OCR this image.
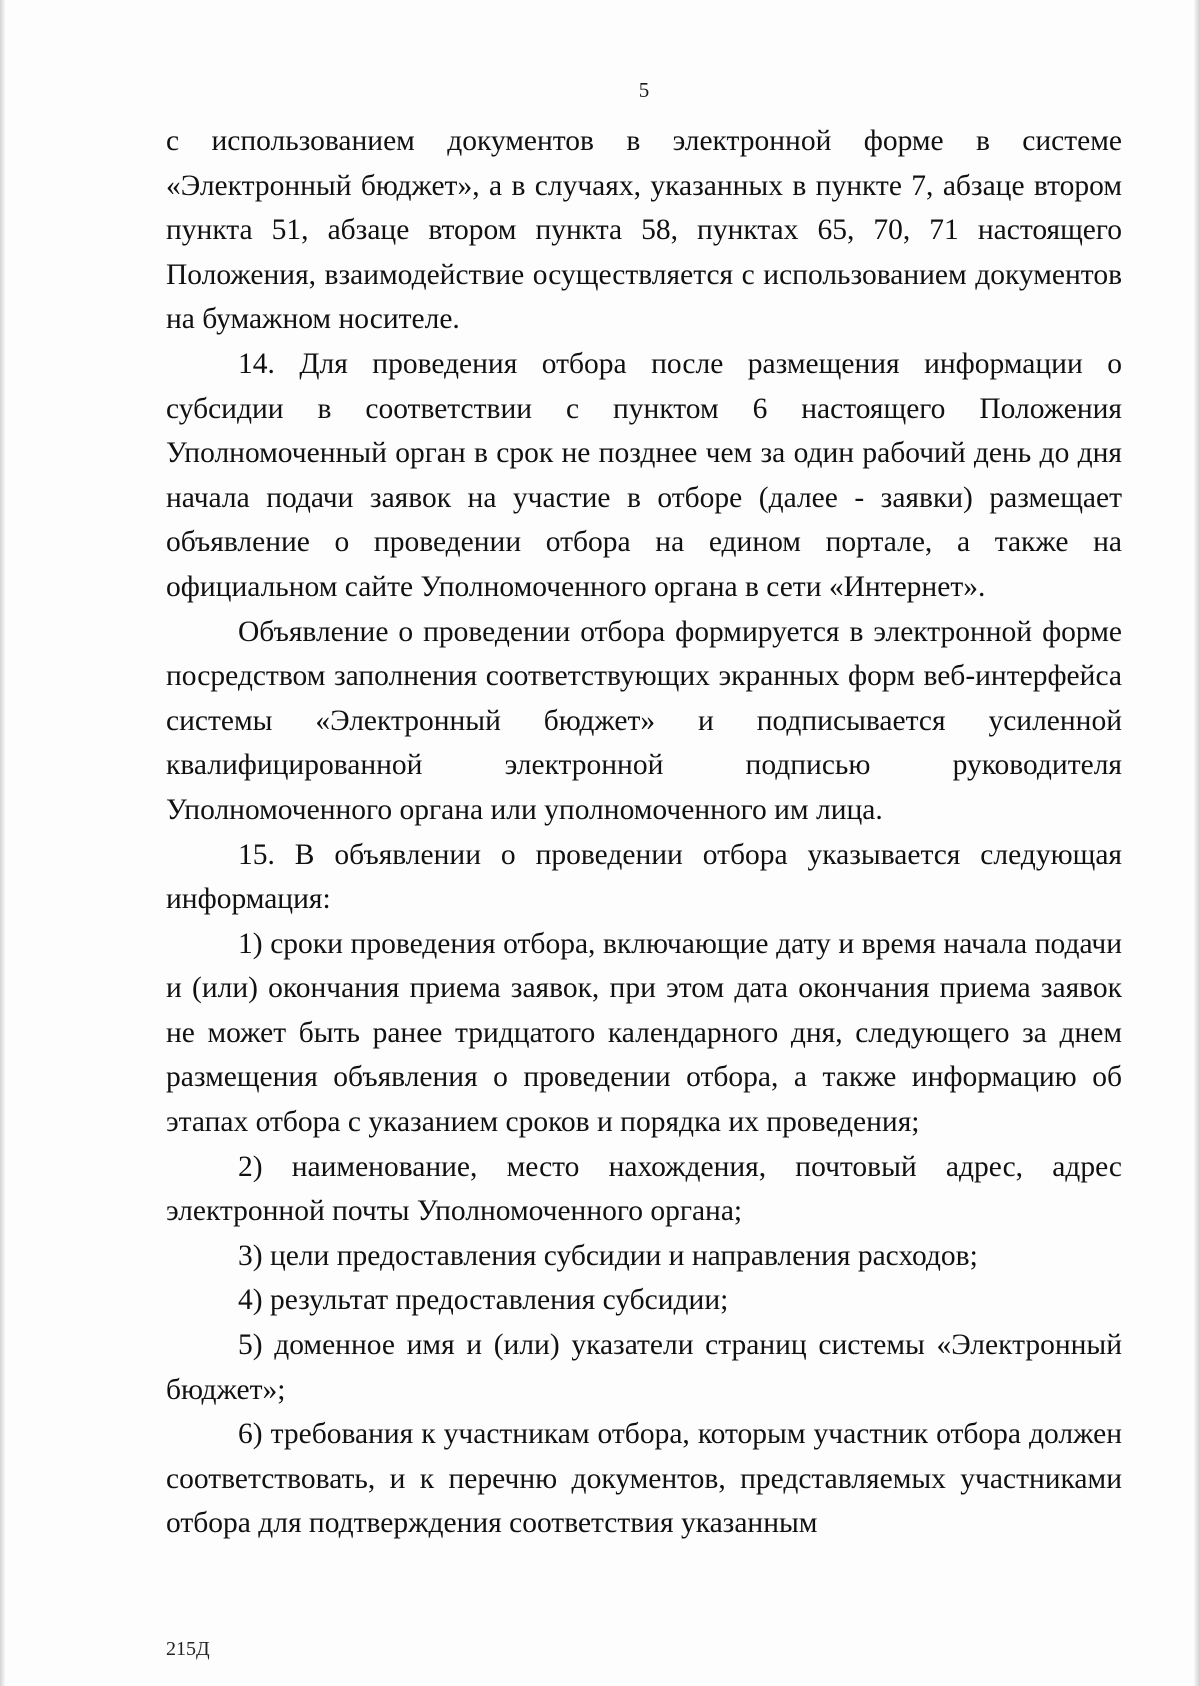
5

с использованием документов в электронной форме в системе «Электронный бюджет», а в случаях, указанных в пункте 7, абзаце втором пункта 51, абзаце втором пункта 58, пунктах 65, 70, 71 настоящего Положения, взаимодействие осуществляется с использованием документов на бумажном носителе.

14. Для проведения отбора после размещения информации о субсидии в соответствии с пунктом 6 настоящего Положения Уполномоченный орган в срок не позднее чем за один рабочий день до дня начала подачи заявок на участие в отборе (далее - заявки) размещает объявление о проведении отбора на едином портале, а также на официальном сайте Уполномоченного органа в сети «Интернет».

Объявление о проведении отбора формируется в электронной форме посредством заполнения соответствующих экранных форм веб-интерфейса системы «Электронный бюджет» и подписывается усиленной квалифицированной электронной подписью руководителя Уполномоченного органа или уполномоченного им лица.

15. В объявлении о проведении отбора указывается следующая информация:

1) сроки проведения отбора, включающие дату и время начала подачи и (или) окончания приема заявок, при этом дата окончания приема заявок не может быть ранее тридцатого календарного дня, следующего за днем размещения объявления о проведении отбора, а также информацию об этапах отбора с указанием сроков и порядка их проведения;

2) наименование, место нахождения, почтовый адрес, адрес электронной почты Уполномоченного органа;

3) цели предоставления субсидии и направления расходов;

4) результат предоставления субсидии;

5) доменное имя и (или) указатели страниц системы «Электронный бюджет»;

6) требования к участникам отбора, которым участник отбора должен соответствовать, и к перечню документов, представляемых участниками отбора для подтверждения соответствия указанным

215Д
